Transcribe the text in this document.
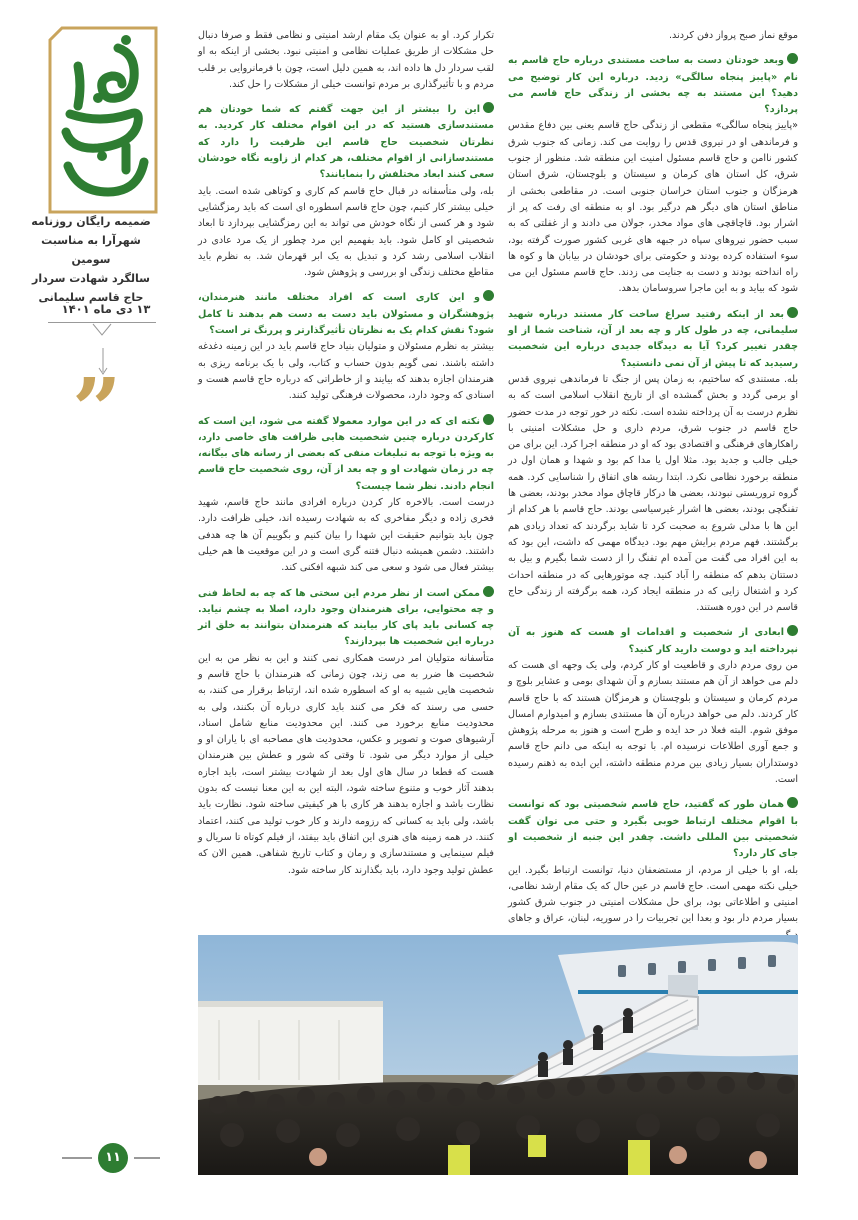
ضمیمه رایگان روزنامه
شهرآرا به مناسبت سومین
سالگرد شهادت سردار
حاج قاسم سلیمانی
۱۳ دی ماه ۱۴۰۱
”
موقع نماز صبح پرواز دفن کردند.
وبعد خودتان دست به ساخت مستندی درباره حاج قاسم به نام «پایبز پنجاه سالگی» زدید. درباره این کار توضیح می دهید؟ این مستند به چه بخشی از زندگی حاج قاسم می پردازد؟
«پاییز پنجاه سالگی» مقطعی از زندگی حاج قاسم یعنی بین دفاع مقدس و فرماندهی او در نیروی قدس را روایت می کند. زمانی که جنوب شرق کشور ناامن و حاج قاسم مسئول امنیت این منطقه شد. منظور از جنوب شرق، کل استان های کرمان و سیستان و بلوچستان، شرق استان هرمزگان و جنوب استان خراسان جنوبی است. در مقاطعی بخشی از مناطق استان های دیگر هم درگیر بود. او به منطقه ای رفت که پر از اشرار بود. قاچاقچی های مواد مخدر، جولان می دادند و از غفلتی که به سبب حضور نیروهای سپاه در جبهه های غربی کشور صورت گرفته بود، سوء استفاده کرده بودند و حکومتی برای خودشان در بیابان ها و کوه ها راه انداخته بودند و دست به جنایت می زدند. حاج قاسم مسئول این می شود که بیاید و به این ماجرا سروسامان بدهد.
بعد از اینکه رفتید سراغ ساخت کار مستند درباره شهید سلیمانی، چه در طول کار و چه بعد از آن، شناخت شما از او چقدر تغییر کرد؟ آیا به دیدگاه جدیدی درباره این شخصیت رسیدید که تا پیش از آن نمی دانستید؟
بله. مستندی که ساختیم، به زمان پس از جنگ تا فرماندهی نیروی قدس او برمی گردد و بخش گمشده ای از تاریخ انقلاب اسلامی است که به نظرم درست به آن پرداخته نشده است. نکته در خور توجه در مدت حضور حاج قاسم در جنوب شرق، مردم داری و حل مشکلات امنیتی با راهکارهای فرهنگی و اقتصادی بود که او در منطقه اجرا کرد. این برای من خیلی جالب و جدید بود. مثلا اول یا مدا کم بود و شهدا و همان اول در منطقه برخورد نظامی نکرد. ابتدا ریشه های اتفاق را شناسایی کرد. همه گروه تروریستی نبودند، بعضی ها درکار قاچاق مواد مخدر بودند، بعضی ها تفنگچی بودند، بعضی ها اشرار غیرسیاسی بودند. حاج قاسم با هر کدام از این ها با مدلی شروع به صحبت کرد تا شاید برگردند که تعداد زیادی هم برگشتند. فهم مردم برایش مهم بود. دیدگاه مهمی که داشت، این بود که به این افراد می گفت من آمده ام تفنگ را از دست شما بگیرم و بیل به دستتان بدهم که منطقه را آباد کنید. چه موتورهایی که در منطقه احداث کرد و اشتغال زایی که در منطقه ایجاد کرد، همه برگرفته از زندگی حاج قاسم در این دوره هستند.
ابعادی از شخصیت و اقدامات او هست که هنوز به آن نپرداخته اید و دوست دارید کار کنید؟
من روی مردم داری و قاطعیت او کار کردم، ولی یک وجهه ای هست که دلم می خواهد از آن هم مستند بسازم و آن شهدای بومی و عشایر بلوچ و مردم کرمان و سیستان و بلوچستان و هرمزگان هستند که با حاج قاسم کار کردند. دلم می خواهد درباره آن ها مستندی بسازم و امیدوارم امسال موفق شوم. البته فعلا در حد ایده و طرح است و هنوز به مرحله پژوهش و جمع آوری اطلاعات نرسیده ام. با توجه به اینکه می دانم حاج قاسم دوستداران بسیار زیادی بین مردم منطقه داشته، این ایده به ذهنم رسیده است.
همان طور که گفتید، حاج قاسم شخصیتی بود که توانست با اقوام مختلف ارتباط خوبی بگیرد و حتی می توان گفت شخصیتی بین المللی داشت. چقدر این جنبه از شخصیت او جای کار دارد؟
بله، او با خیلی از مردم، از مستضعفان دنیا، توانست ارتباط بگیرد. این خیلی نکته مهمی است. حاج قاسم در عین حال که یک مقام ارشد نظامی، امنیتی و اطلاعاتی بود، برای حل مشکلات امنیتی در جنوب شرق کشور بسیار مردم دار بود و بعدا این تجربیات را در سوریه، لبنان، عراق و جاهای
تکرار کرد. او به عنوان یک مقام ارشد امنیتی و نظامی فقط و صرفا دنبال حل مشکلات از طریق عملیات نظامی و امنیتی نبود. بخشی از اینکه به او لقب سردار دل ها داده اند، به همین دلیل است، چون با فرمانروایی بر قلب مردم و با تأثیرگذاری بر مردم توانست خیلی از مشکلات را حل کند.
این را بیشتر از این جهت گفتم که شما خودتان هم مستندسازی هستید که در این اقوام مختلف کار کردید. به نظرتان شخصیت حاج قاسم این ظرفیت را دارد که مستندسازانی از اقوام مختلف، هر کدام از زاویه نگاه خودشان سعی کنند ابعاد مختلفش را بنمایانند؟
بله، ولی متأسفانه در قبال حاج قاسم کم کاری و کوتاهی شده است. باید خیلی بیشتر کار کنیم، چون حاج قاسم اسطوره ای است که باید رمزگشایی شود و هر کسی از نگاه خودش می تواند به این رمزگشایی بپردازد تا ابعاد شخصیتی او کامل شود. باید بفهمیم این مرد چطور از یک مرد عادی در انقلاب اسلامی رشد کرد و تبدیل به یک ابر قهرمان شد. به نظرم باید مقاطع مختلف زندگی او بررسی و پژوهش شود.
و این کاری است که افراد مختلف مانند هنرمندان، پژوهشگران و مسئولان باید دست به دست هم بدهند تا کامل شود؟ نقش کدام یک به نظرتان تأثیرگذارتر و پررنگ تر است؟
بیشتر به نظرم مسئولان و متولیان بنیاد حاج قاسم باید در این زمینه دغدغه داشته باشند. نمی گویم بدون حساب و کتاب، ولی با یک برنامه ریزی به هنرمندان اجازه بدهند که بیایند و از خاطراتی که درباره حاج قاسم هست و اسنادی که وجود دارد، محصولات فرهنگی تولید کنند.
نکته ای که در این موارد معمولا گفته می شود، این است که کارکردن درباره چنین شخصیت هایی ظرافت های خاصی دارد، به ویژه با توجه به تبلیغات منفی که بعضی از رسانه های بیگانه، چه در زمان شهادت او و چه بعد از آن، روی شخصیت حاج قاسم انجام دادند. نظر شما چیست؟
درست است. بالاخره کار کردن درباره افرادی مانند حاج قاسم، شهید فخری زاده و دیگر مفاخری که به شهادت رسیده اند، خیلی ظرافت دارد. چون باید بتوانیم حقیقت این شهدا را بیان کنیم و بگوییم آن ها چه هدفی داشتند. دشمن همیشه دنبال فتنه گری است و در این موقعیت ها هم خیلی بیشتر فعال می شود و سعی می کند شبهه افکنی کند.
ممکن است از نظر مردم این سختی ها که چه به لحاظ فنی و چه محتوایی، برای هنرمندان وجود دارد، اصلا به چشم نیاید. چه کسانی باید پای کار بیایند که هنرمندان بتوانند به خلق اثر درباره این شخصیت ها بپردازند؟
متأسفانه متولیان امر درست همکاری نمی کنند و این به نظر من به این شخصیت ها ضرر به می زند، چون زمانی که هنرمندان با حاج قاسم و شخصیت هایی شبیه به او که اسطوره شده اند، ارتباط برقرار می کنند، به حسی می رسند که فکر می کنند باید کاری درباره آن بکنند، ولی به محدودیت منابع برخورد می کنند. این محدودیت منابع شامل اسناد، آرشیوهای صوت و تصویر و عکس، محدودیت های مصاحبه ای با یاران او و خیلی از موارد دیگر می شود. تا وقتی که شور و عطش بین هنرمندان هست که قطعا در سال های اول بعد از شهادت بیشتر است، باید اجازه بدهند آثار خوب و متنوع ساخته شود، البته این به این معنا نیست که بدون نظارت باشد و اجازه بدهند هر کاری با هر کیفیتی ساخته شود. نظارت باید باشد، ولی باید به کسانی که رزومه دارند و کار خوب تولید می کنند، اعتماد کنند. در همه زمینه های هنری این اتفاق باید بیفتد، از فیلم کوتاه تا سریال و فیلم سینمایی و مستندسازی و رمان و کتاب تاریخ شفاهی. همین الان که عطش تولید وجود دارد، باید بگذارند کار ساخته شود.
۱۱
